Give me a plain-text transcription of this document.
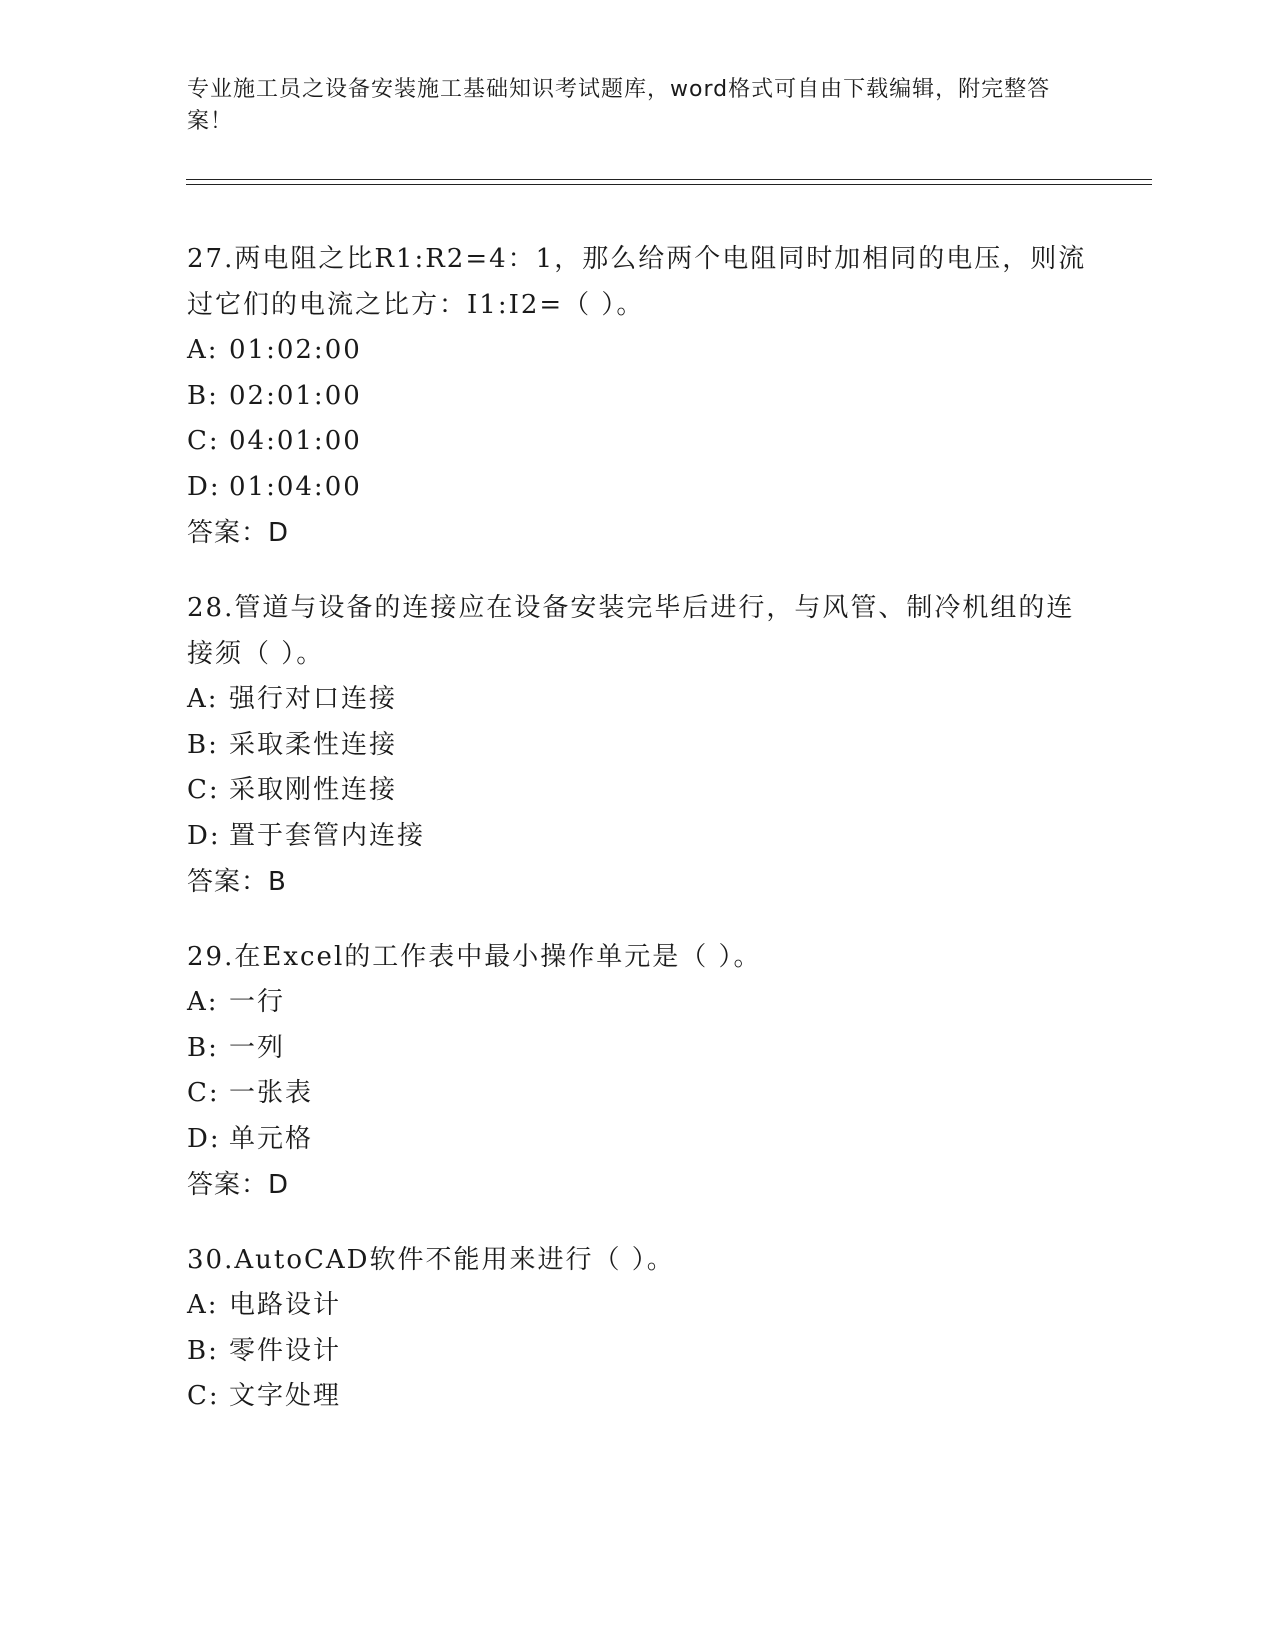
专业施工员之设备安装施工基础知识考试题库，word格式可自由下载编辑，附完整答案！

27.两电阻之比R1:R2=4：1，那么给两个电阻同时加相同的电压，则流过它们的电流之比方：I1:I2=（ ）。

A: 01:02:00

B: 02:01:00

C: 04:01:00

D: 01:04:00

答案：D

28.管道与设备的连接应在设备安装完毕后进行，与风管、制冷机组的连接须（ ）。

A: 强行对口连接

B: 采取柔性连接

C: 采取刚性连接

D: 置于套管内连接

答案：B

29.在Excel的工作表中最小操作单元是（ ）。

A: 一行

B: 一列

C: 一张表

D: 单元格

答案：D

30.AutoCAD软件不能用来进行（ ）。

A: 电路设计

B: 零件设计

C: 文字处理
